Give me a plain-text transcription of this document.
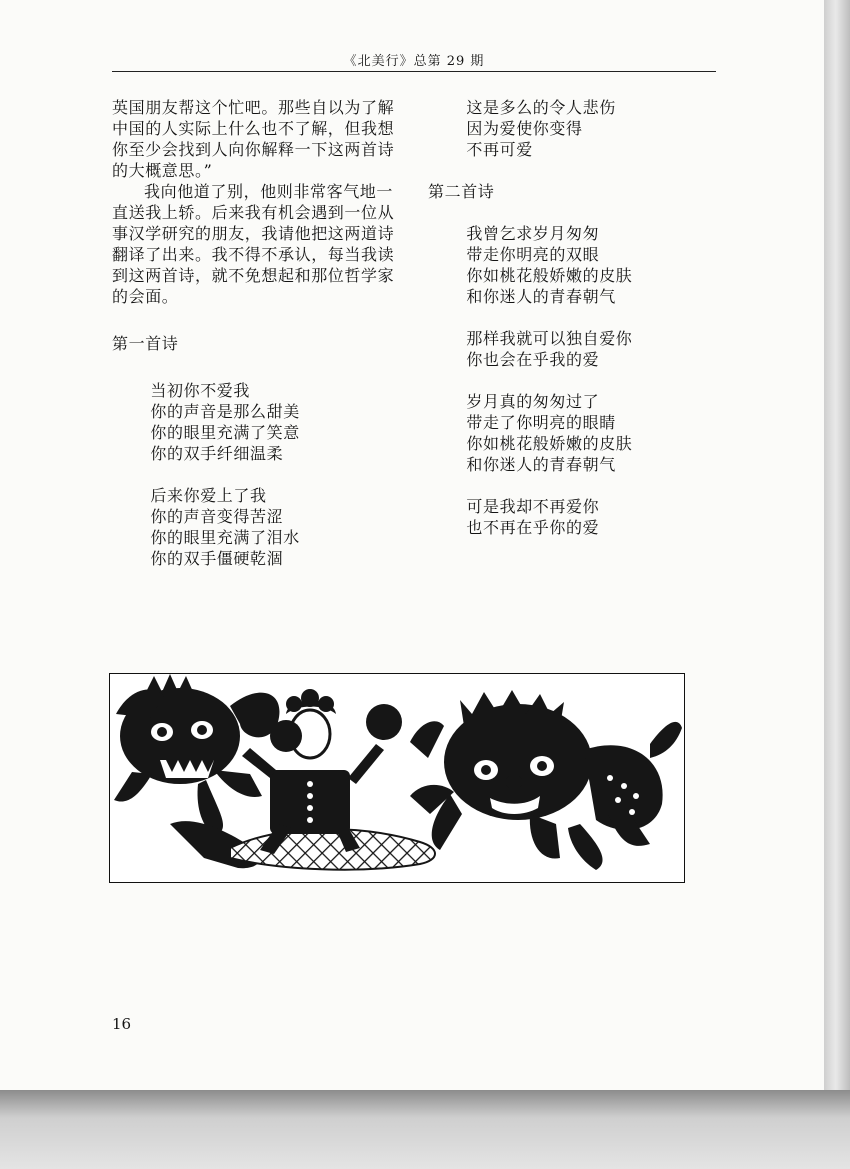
《北美行》总第 29 期

英国朋友帮这个忙吧。那些自以为了解

中国的人实际上什么也不了解，但我想

你至少会找到人向你解释一下这两首诗

的大概意思。”

我向他道了别，他则非常客气地一

直送我上轿。后来我有机会遇到一位从

事汉学研究的朋友，我请他把这两道诗

翻译了出来。我不得不承认，每当我读

到这两首诗，就不免想起和那位哲学家

的会面。

第一首诗

当初你不爱我

你的声音是那么甜美

你的眼里充满了笑意

你的双手纤细温柔

后来你爱上了我

你的声音变得苦涩

你的眼里充满了泪水

你的双手僵硬乾涸

这是多么的令人悲伤

因为爱使你变得

不再可爱

第二首诗

我曾乞求岁月匆匆

带走你明亮的双眼

你如桃花般娇嫩的皮肤

和你迷人的青春朝气

那样我就可以独自爱你

你也会在乎我的爱

岁月真的匆匆过了

带走了你明亮的眼睛

你如桃花般娇嫩的皮肤

和你迷人的青春朝气

可是我却不再爱你

也不再在乎你的爱

16
